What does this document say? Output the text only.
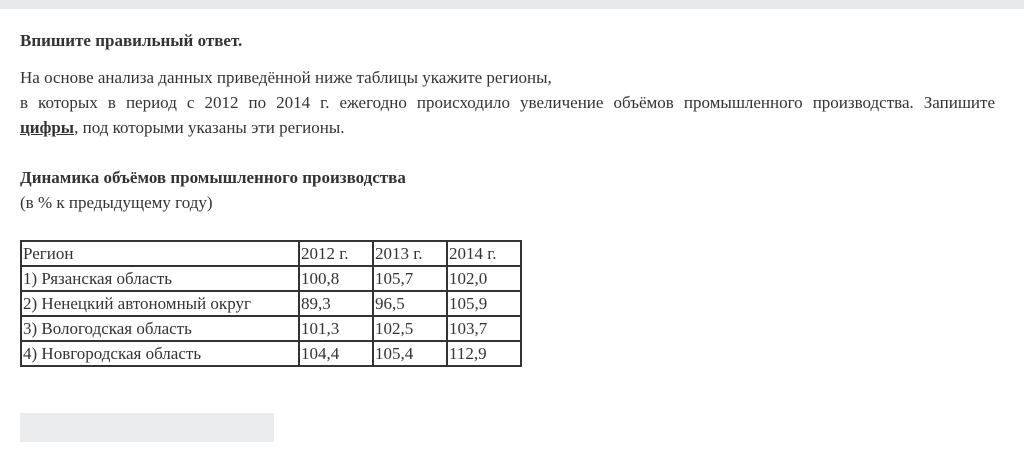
Впишите правильный ответ.

На основе анализа данных приведённой ниже таблицы укажите регионы,

в которых в период с 2012 по 2014 г. ежегодно происходило увеличение объёмов промышленного производства. Запишите

цифры, под которыми указаны эти регионы.

Динамика объёмов промышленного производства
(в % к предыдущему году)
Регион	2012 г.	2013 г.	2014 г.
1) Рязанская область	100,8	105,7	102,0
2) Ненецкий автономный округ	89,3	96,5	105,9
3) Вологодская область	101,3	102,5	103,7
4) Новгородская область	104,4	105,4	112,9
